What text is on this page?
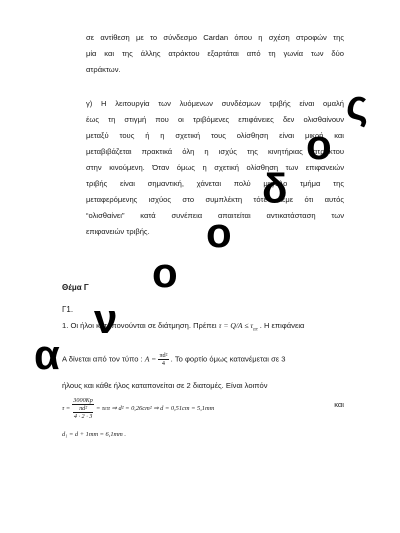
σε αντίθεση με το σύνδεσμο Cardan όπου η σχέση στροφών της
μία και της άλλης ατράκτου εξαρτάται από τη γωνία των δύο
ατράκτων.
γ) Η λειτουργία των λυόμενων συνδέσμων τριβής είναι ομαλή
έως τη στιγμή που οι τριβόμενες επιφάνειες δεν ολισθαίνουν
μεταξύ τους ή η σχετική τους ολίσθηση είναι μικρή και
μεταβιβάζεται πρακτικά όλη η ισχύς της κινητήριας ατράκτου
στην κινούμενη. Όταν όμως η σχετική ολίσθηση των επιφανειών
τριβής είναι σημαντική, χάνεται πολύ μεγάλο τμήμα της
μεταφερόμενης ισχύος στο συμπλέκτη τότε λέμε ότι αυτός
“ολισθαίνει” κατά συνέπεια απαιτείται αντικατάσταση των
επιφανειών τριβής.
Θέμα Γ
Γ1.
1. Οι ήλοι καταπονούνται σε διάτμηση. Πρέπει $\tau = Q/A \le \tau_{\varepsilon\pi}$ . Η επιφάνεια
Α δίνεται από τον τύπο : $A = \frac{\text{πd²}}{4}$ . Το φορτίο όμως κατανέμεται σε 3
ήλους και κάθε ήλος καταπονείται σε 2 διατομές. Είναι λοιπόν
$\tau = \frac{3000Kp}{\frac{\text{πd²}}{4 \cdot 2 \cdot 3}} = \tau\varepsilon\pi$ ⇒ d² = 0,26cm² ⇒ d = 0,51cm = 5,1mm	και
d₁ = d + 1mm = 6,1mm .
α
ν
ο
ο
δ
ο
ς
